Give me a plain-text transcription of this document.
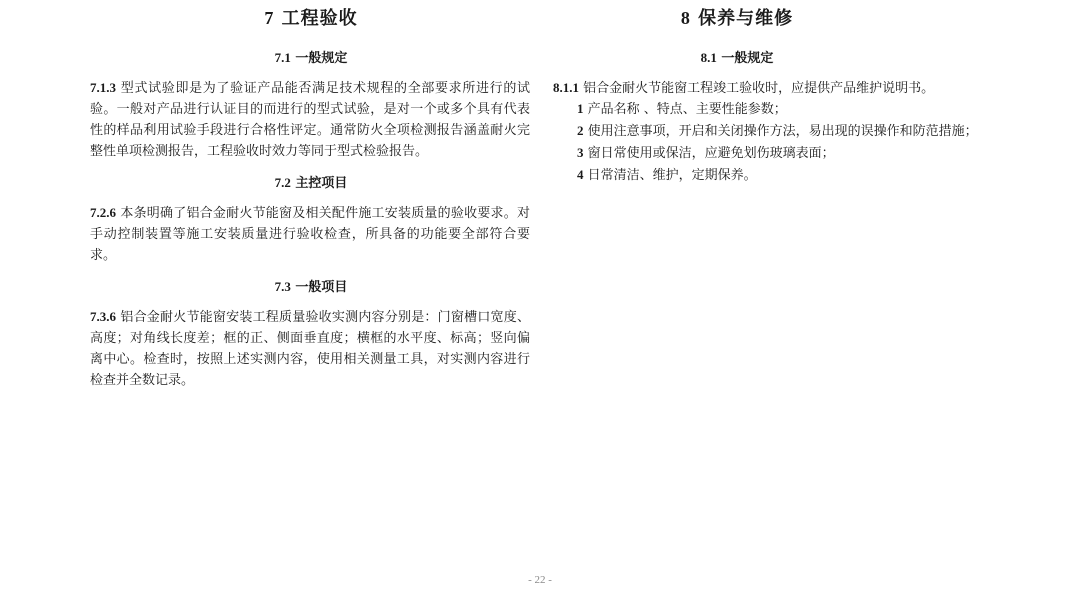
7 工程验收
7.1 一般规定

7.1.3 型式试验即是为了验证产品能否满足技术规程的全部要求所进行的试验。一般对产品进行认证目的而进行的型式试验，是对一个或多个具有代表性的样品利用试验手段进行合格性评定。通常防火全项检测报告涵盖耐火完整性单项检测报告，工程验收时效力等同于型式检验报告。

7.2 主控项目

7.2.6 本条明确了铝合金耐火节能窗及相关配件施工安装质量的验收要求。对手动控制装置等施工安装质量进行验收检查，所具备的功能要全部符合要求。

7.3 一般项目

7.3.6 铝合金耐火节能窗安装工程质量验收实测内容分别是：门窗槽口宽度、高度；对角线长度差；框的正、侧面垂直度；横框的水平度、标高；竖向偏离中心。检查时，按照上述实测内容，使用相关测量工具，对实测内容进行检查并全数记录。

8 保养与维修
8.1 一般规定

8.1.1 铝合金耐火节能窗工程竣工验收时，应提供产品维护说明书。

1 产品名称 、特点、主要性能参数；
2 使用注意事项，开启和关闭操作方法，易出现的误操作和防范措施；
3 窗日常使用或保洁，应避免划伤玻璃表面；
4 日常清洁、维护，定期保养。
- 22 -
